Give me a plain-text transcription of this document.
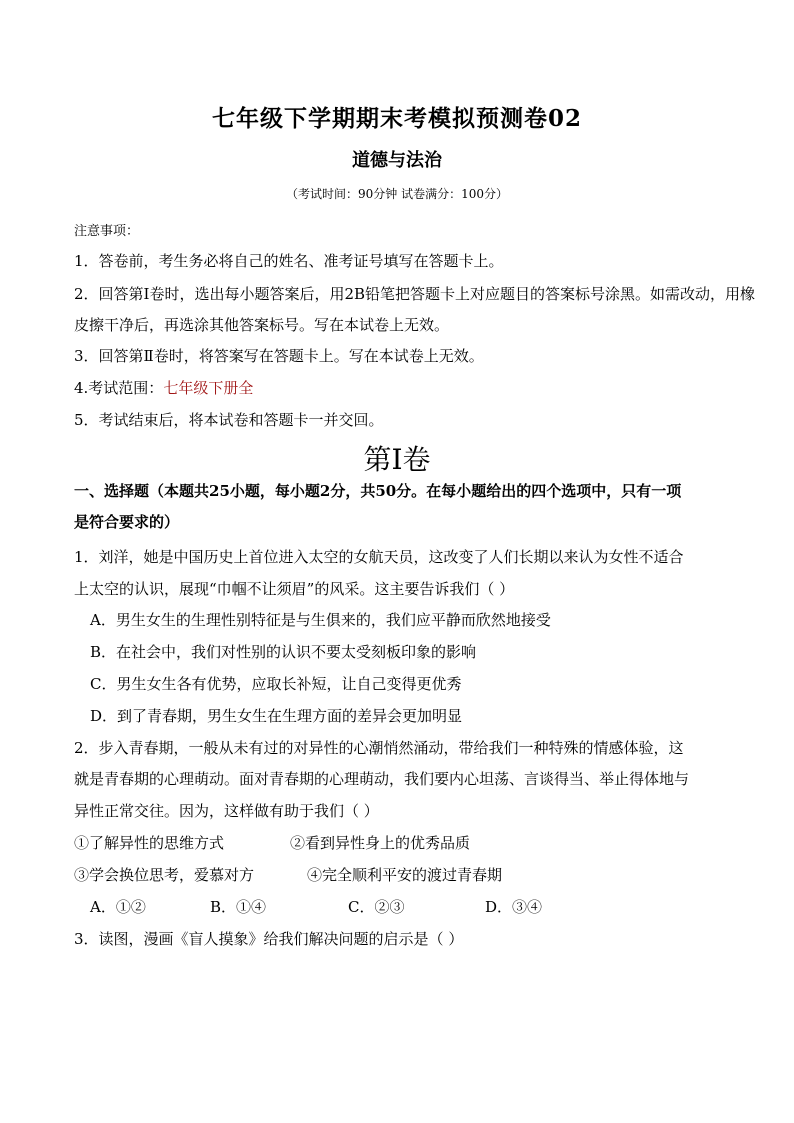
七年级下学期期末考模拟预测卷02
道德与法治
（考试时间：90分钟 试卷满分：100分）
注意事项：
1．答卷前，考生务必将自己的姓名、准考证号填写在答题卡上。
2．回答第Ⅰ卷时，选出每小题答案后，用2B铅笔把答题卡上对应题目的答案标号涂黑。如需改动，用橡
皮擦干净后，再选涂其他答案标号。写在本试卷上无效。
3．回答第Ⅱ卷时，将答案写在答题卡上。写在本试卷上无效。
4.考试范围：七年级下册全
5．考试结束后，将本试卷和答题卡一并交回。
第Ⅰ卷
一、选择题（本题共25小题，每小题2分，共50分。在每小题给出的四个选项中，只有一项
是符合要求的）
1．刘洋，她是中国历史上首位进入太空的女航天员，这改变了人们长期以来认为女性不适合
上太空的认识，展现“巾帼不让须眉”的风采。这主要告诉我们（ ）
A．男生女生的生理性别特征是与生俱来的，我们应平静而欣然地接受
B．在社会中，我们对性别的认识不要太受刻板印象的影响
C．男生女生各有优势，应取长补短，让自己变得更优秀
D．到了青春期，男生女生在生理方面的差异会更加明显
2．步入青春期，一般从未有过的对异性的心潮悄然涌动，带给我们一种特殊的情感体验，这
就是青春期的心理萌动。面对青春期的心理萌动，我们要内心坦荡、言谈得当、举止得体地与
异性正常交往。因为，这样做有助于我们（ ）
①了解异性的思维方式	②看到异性身上的优秀品质
③学会换位思考，爱慕对方	④完全顺利平安的渡过青春期
A．①②	B．①④	C．②③	D．③④
3．读图，漫画《盲人摸象》给我们解决问题的启示是（ ）
